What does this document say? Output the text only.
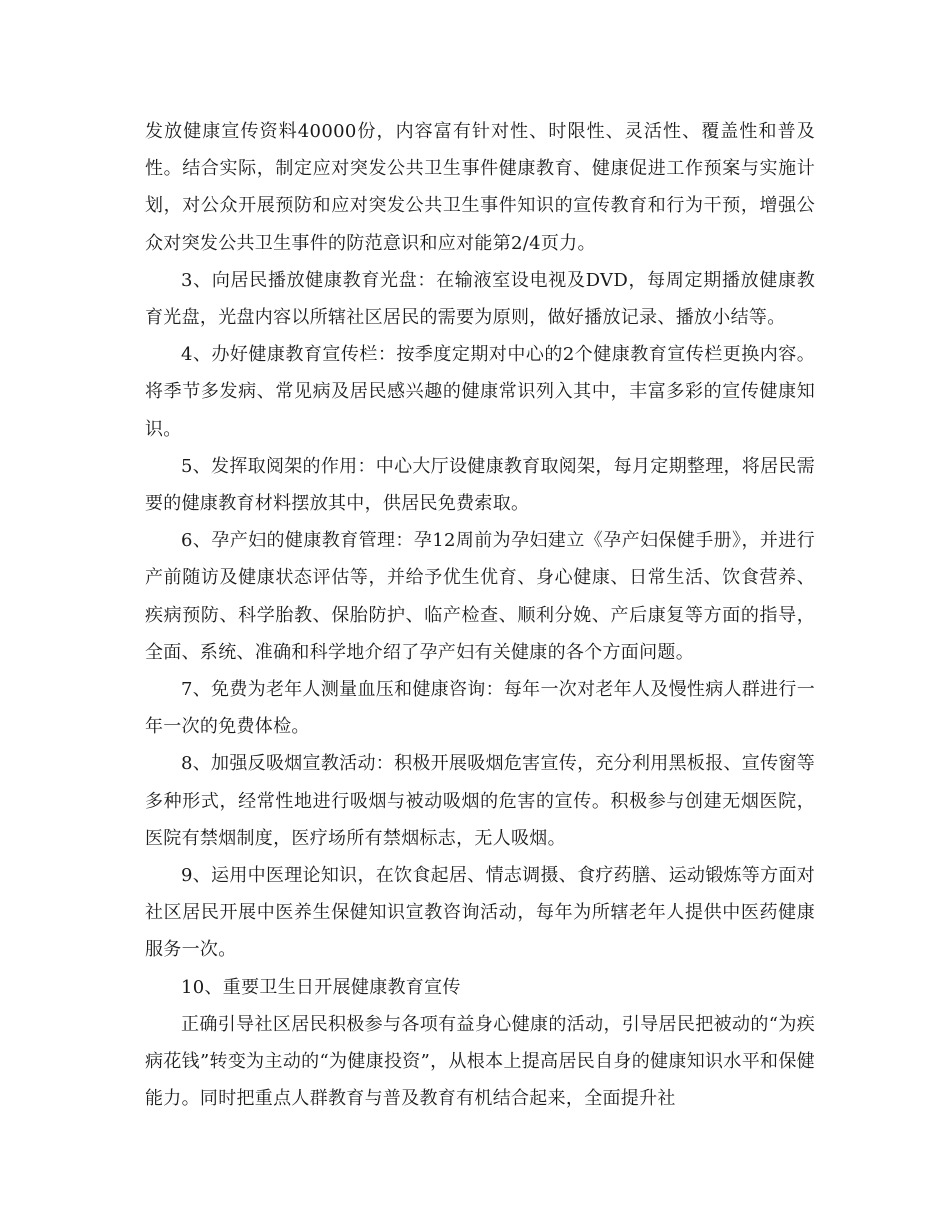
发放健康宣传资料40000份，内容富有针对性、时限性、灵活性、覆盖性和普及性。结合实际，制定应对突发公共卫生事件健康教育、健康促进工作预案与实施计划，对公众开展预防和应对突发公共卫生事件知识的宣传教育和行为干预，增强公众对突发公共卫生事件的防范意识和应对能第2/4页力。

3、向居民播放健康教育光盘：在输液室设电视及DVD，每周定期播放健康教育光盘，光盘内容以所辖社区居民的需要为原则，做好播放记录、播放小结等。

4、办好健康教育宣传栏：按季度定期对中心的2个健康教育宣传栏更换内容。将季节多发病、常见病及居民感兴趣的健康常识列入其中，丰富多彩的宣传健康知识。

5、发挥取阅架的作用：中心大厅设健康教育取阅架，每月定期整理，将居民需要的健康教育材料摆放其中，供居民免费索取。

6、孕产妇的健康教育管理：孕12周前为孕妇建立《孕产妇保健手册》，并进行产前随访及健康状态评估等，并给予优生优育、身心健康、日常生活、饮食营养、疾病预防、科学胎教、保胎防护、临产检查、顺利分娩、产后康复等方面的指导，全面、系统、准确和科学地介绍了孕产妇有关健康的各个方面问题。

7、免费为老年人测量血压和健康咨询：每年一次对老年人及慢性病人群进行一年一次的免费体检。

8、加强反吸烟宣教活动：积极开展吸烟危害宣传，充分利用黑板报、宣传窗等多种形式，经常性地进行吸烟与被动吸烟的危害的宣传。积极参与创建无烟医院，医院有禁烟制度，医疗场所有禁烟标志，无人吸烟。

9、运用中医理论知识，在饮食起居、情志调摄、食疗药膳、运动锻炼等方面对社区居民开展中医养生保健知识宣教咨询活动，每年为所辖老年人提供中医药健康服务一次。

10、重要卫生日开展健康教育宣传

正确引导社区居民积极参与各项有益身心健康的活动，引导居民把被动的“为疾病花钱”转变为主动的“为健康投资”，从根本上提高居民自身的健康知识水平和保健能力。同时把重点人群教育与普及教育有机结合起来，全面提升社
